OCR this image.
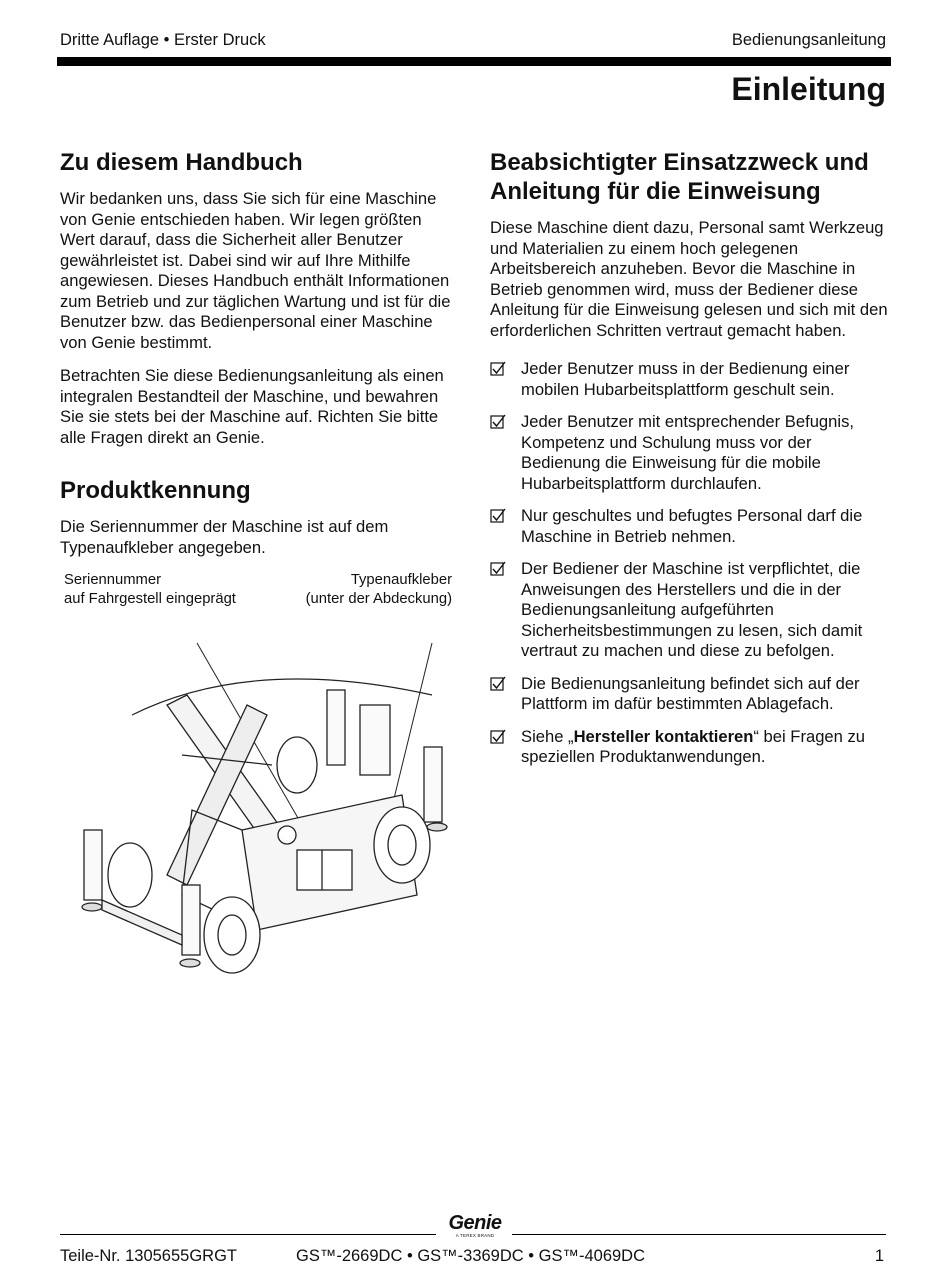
Dritte Auflage • Erster Druck	Bedienungsanleitung
Einleitung
Zu diesem Handbuch

Wir bedanken uns, dass Sie sich für eine Maschine von Genie entschieden haben. Wir legen größten Wert darauf, dass die Sicherheit aller Benutzer gewährleistet ist. Dabei sind wir auf Ihre Mithilfe angewiesen. Dieses Handbuch enthält Informationen zum Betrieb und zur täglichen Wartung und ist für die Benutzer bzw. das Bedienpersonal einer Maschine von Genie bestimmt.

Betrachten Sie diese Bedienungsanleitung als einen integralen Bestandteil der Maschine, und bewahren Sie sie stets bei der Maschine auf. Richten Sie bitte alle Fragen direkt an Genie.

Produktkennung

Die Seriennummer der Maschine ist auf dem Typenaufkleber angegeben.

Seriennummer
auf Fahrgestell eingeprägt
Typenaufkleber
(unter der Abdeckung)
Beabsichtigter Einsatzzweck und
Anleitung für die Einweisung

Diese Maschine dient dazu, Personal samt Werkzeug und Materialien zu einem hoch gelegenen Arbeitsbereich anzuheben. Bevor die Maschine in Betrieb genommen wird, muss der Bediener diese Anleitung für die Einweisung gelesen und sich mit den erforderlichen Schritten vertraut gemacht haben.

Jeder Benutzer muss in der Bedienung einer mobilen Hubarbeitsplattform geschult sein.
Jeder Benutzer mit entsprechender Befugnis, Kompetenz und Schulung muss vor der Bedienung die Einweisung für die mobile Hubarbeitsplattform durchlaufen.
Nur geschultes und befugtes Personal darf die Maschine in Betrieb nehmen.
Der Bediener der Maschine ist verpflichtet, die Anweisungen des Herstellers und die in der Bedienungsanleitung aufgeführten Sicherheitsbestimmungen zu lesen, sich damit vertraut zu machen und diese zu befolgen.
Die Bedienungsanleitung befindet sich auf der Plattform im dafür bestimmten Ablagefach.
Siehe „Hersteller kontaktieren“ bei Fragen zu speziellen Produktanwendungen.
Genie
A TEREX BRAND
Teile-Nr. 1305655GRGT	GS™-2669DC • GS™-3369DC • GS™-4069DC	1
